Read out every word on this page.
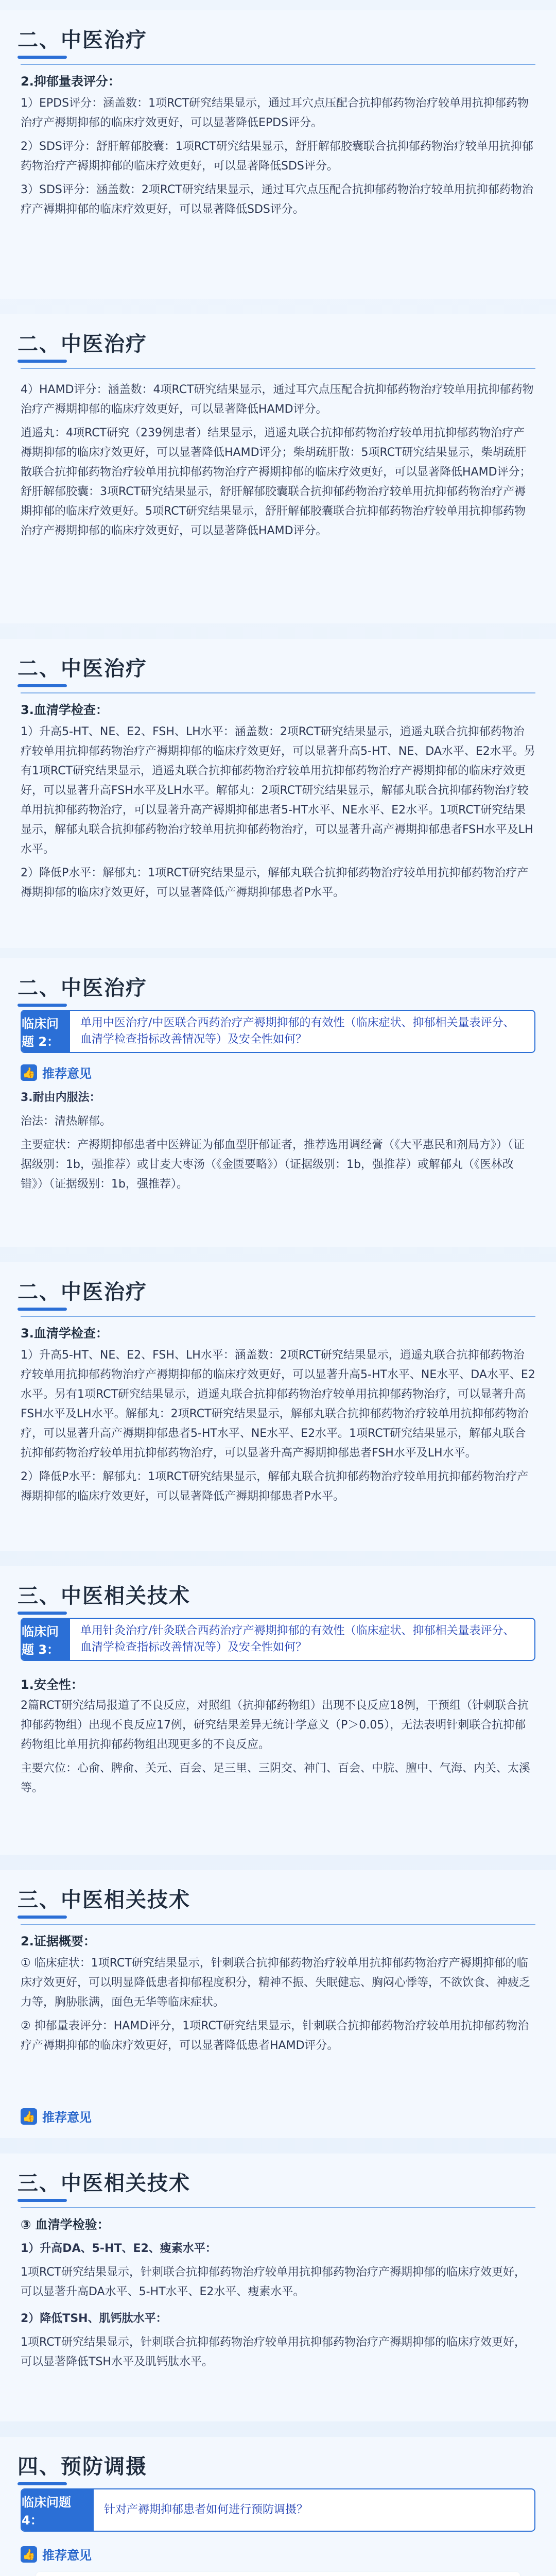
二、中医治疗
2.抑郁量表评分：

1）EPDS评分：涵盖数：1项RCT研究结果显示，通过耳穴点压配合抗抑郁药物治疗较单用抗抑郁药物治疗产褥期抑郁的临床疗效更好，可以显著降低EPDS评分。

2）SDS评分：舒肝解郁胶囊：1项RCT研究结果显示，舒肝解郁胶囊联合抗抑郁药物治疗较单用抗抑郁药物治疗产褥期抑郁的临床疗效更好，可以显著降低SDS评分。

3）SDS评分：涵盖数：2项RCT研究结果显示，通过耳穴点压配合抗抑郁药物治疗较单用抗抑郁药物治疗产褥期抑郁的临床疗效更好，可以显著降低SDS评分。

二、中医治疗

4）HAMD评分：涵盖数：4项RCT研究结果显示，通过耳穴点压配合抗抑郁药物治疗较单用抗抑郁药物治疗产褥期抑郁的临床疗效更好，可以显著降低HAMD评分。

逍遥丸：4项RCT研究（239例患者）结果显示，逍遥丸联合抗抑郁药物治疗较单用抗抑郁药物治疗产褥期抑郁的临床疗效更好，可以显著降低HAMD评分；柴胡疏肝散：5项RCT研究结果显示，柴胡疏肝散联合抗抑郁药物治疗较单用抗抑郁药物治疗产褥期抑郁的临床疗效更好，可以显著降低HAMD评分；舒肝解郁胶囊：3项RCT研究结果显示，舒肝解郁胶囊联合抗抑郁药物治疗较单用抗抑郁药物治疗产褥期抑郁的临床疗效更好。5项RCT研究结果显示，舒肝解郁胶囊联合抗抑郁药物治疗较单用抗抑郁药物治疗产褥期抑郁的临床疗效更好，可以显著降低HAMD评分。

二、中医治疗
3.血清学检查：

1）升高5-HT、NE、E2、FSH、LH水平：涵盖数：2项RCT研究结果显示，逍遥丸联合抗抑郁药物治疗较单用抗抑郁药物治疗产褥期抑郁的临床疗效更好，可以显著升高5-HT、NE、DA水平、E2水平。另有1项RCT研究结果显示，逍遥丸联合抗抑郁药物治疗较单用抗抑郁药物治疗产褥期抑郁的临床疗效更好，可以显著升高FSH水平及LH水平。解郁丸：2项RCT研究结果显示，解郁丸联合抗抑郁药物治疗较单用抗抑郁药物治疗，可以显著升高产褥期抑郁患者5-HT水平、NE水平、E2水平。1项RCT研究结果显示，解郁丸联合抗抑郁药物治疗较单用抗抑郁药物治疗，可以显著升高产褥期抑郁患者FSH水平及LH水平。

2）降低P水平：解郁丸：1项RCT研究结果显示，解郁丸联合抗抑郁药物治疗较单用抗抑郁药物治疗产褥期抑郁的临床疗效更好，可以显著降低产褥期抑郁患者P水平。

二、中医治疗
临床问题 2：
单用中医治疗/中医联合西药治疗产褥期抑郁的有效性（临床症状、抑郁相关量表评分、血清学检查指标改善情况等）及安全性如何？
👍 推荐意见

3.耐由内服法：

治法：清热解郁。

主要症状：产褥期抑郁患者中医辨证为郁血型肝郁证者，推荐选用调经膏（《大平惠民和剂局方》）（证据级别：1b，强推荐）或甘麦大枣汤（《金匮要略》）（证据级别：1b，强推荐）或解郁丸（《医林改错》）（证据级别：1b，强推荐）。

二、中医治疗
3.血清学检查：

1）升高5-HT、NE、E2、FSH、LH水平：涵盖数：2项RCT研究结果显示，逍遥丸联合抗抑郁药物治疗较单用抗抑郁药物治疗产褥期抑郁的临床疗效更好，可以显著升高5-HT水平、NE水平、DA水平、E2水平。另有1项RCT研究结果显示，逍遥丸联合抗抑郁药物治疗较单用抗抑郁药物治疗，可以显著升高FSH水平及LH水平。解郁丸：2项RCT研究结果显示，解郁丸联合抗抑郁药物治疗较单用抗抑郁药物治疗，可以显著升高产褥期抑郁患者5-HT水平、NE水平、E2水平。1项RCT研究结果显示，解郁丸联合抗抑郁药物治疗较单用抗抑郁药物治疗，可以显著升高产褥期抑郁患者FSH水平及LH水平。

2）降低P水平：解郁丸：1项RCT研究结果显示，解郁丸联合抗抑郁药物治疗较单用抗抑郁药物治疗产褥期抑郁的临床疗效更好，可以显著降低产褥期抑郁患者P水平。

三、中医相关技术
临床问题 3：
单用针灸治疗/针灸联合西药治疗产褥期抑郁的有效性（临床症状、抑郁相关量表评分、血清学检查指标改善情况等）及安全性如何？
1.安全性：

2篇RCT研究结局报道了不良反应，对照组（抗抑郁药物组）出现不良反应18例，干预组（针刺联合抗抑郁药物组）出现不良反应17例，研究结果差异无统计学意义（P＞0.05），无法表明针刺联合抗抑郁药物组比单用抗抑郁药物组出现更多的不良反应。

主要穴位：心俞、脾俞、关元、百会、足三里、三阴交、神门、百会、中脘、膻中、气海、内关、太溪等。

三、中医相关技术
2.证据概要：

① 临床症状：1项RCT研究结果显示，针刺联合抗抑郁药物治疗较单用抗抑郁药物治疗产褥期抑郁的临床疗效更好，可以明显降低患者抑郁程度积分，精神不振、失眠健忘、胸闷心悸等，不欲饮食、神疲乏力等，胸胁胀满，面色无华等临床症状。

② 抑郁量表评分：HAMD评分，1项RCT研究结果显示，针刺联合抗抑郁药物治疗较单用抗抑郁药物治疗产褥期抑郁的临床疗效更好，可以显著降低患者HAMD评分。

👍 推荐意见
三、中医相关技术
③ 血清学检验：

1）升高DA、5-HT、E2、瘦素水平：

1项RCT研究结果显示，针刺联合抗抑郁药物治疗较单用抗抑郁药物治疗产褥期抑郁的临床疗效更好，可以显著升高DA水平、5-HT水平、E2水平、瘦素水平。

2）降低TSH、肌钙肽水平：

1项RCT研究结果显示，针刺联合抗抑郁药物治疗较单用抗抑郁药物治疗产褥期抑郁的临床疗效更好，可以显著降低TSH水平及肌钙肽水平。

四、预防调摄
临床问题 4：
针对产褥期抑郁患者如何进行预防调摄？
👍 推荐意见
